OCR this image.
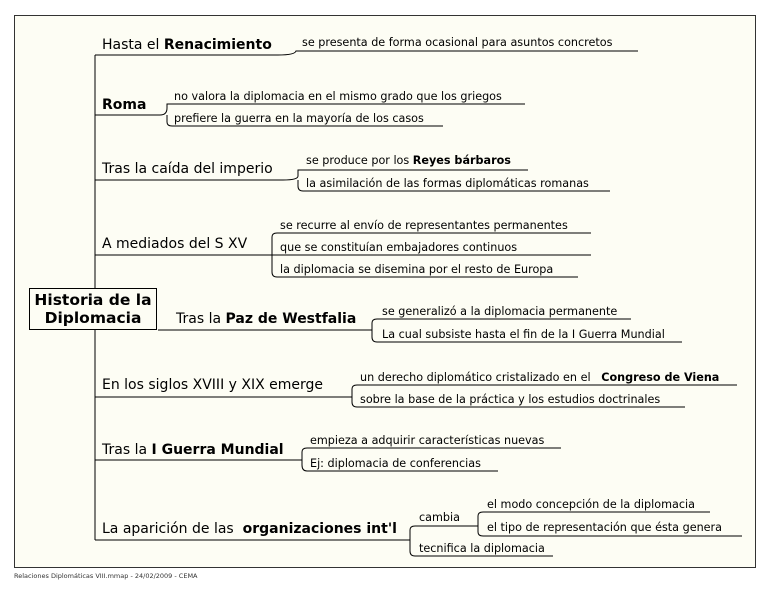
Historia de la
Diplomacia
Hasta el Renacimiento	se presenta de forma ocasional para asuntos concretos
Roma
no valora la diplomacia en el mismo grado que los griegos
prefiere la guerra en la mayoría de los casos
Tras la caída del imperio
se produce por los Reyes bárbaros
la asimilación de las formas diplomáticas romanas
A mediados del S XV
se recurre al envío de representantes permanentes
que se constituían embajadores continuos
la diplomacia se disemina por el resto de Europa
Tras la Paz de Westfalia se generalizó a la diplomacia permanente
La cual subsiste hasta el fin de la I Guerra Mundial
En los siglos XVIII y XIX emerge	un derecho diplomático cristalizado en el Congreso de Viena
sobre la base de la práctica y los estudios doctrinales
Tras la I Guerra Mundial
empieza a adquirir características nuevas
Ej: diplomacia de conferencias
La aparición de las organizaciones int'l
cambia
el modo concepción de la diplomacia
el tipo de representación que ésta genera
tecnifica la diplomacia
Relaciones Diplomáticas VIII.mmap - 24/02/2009 - CEMA
